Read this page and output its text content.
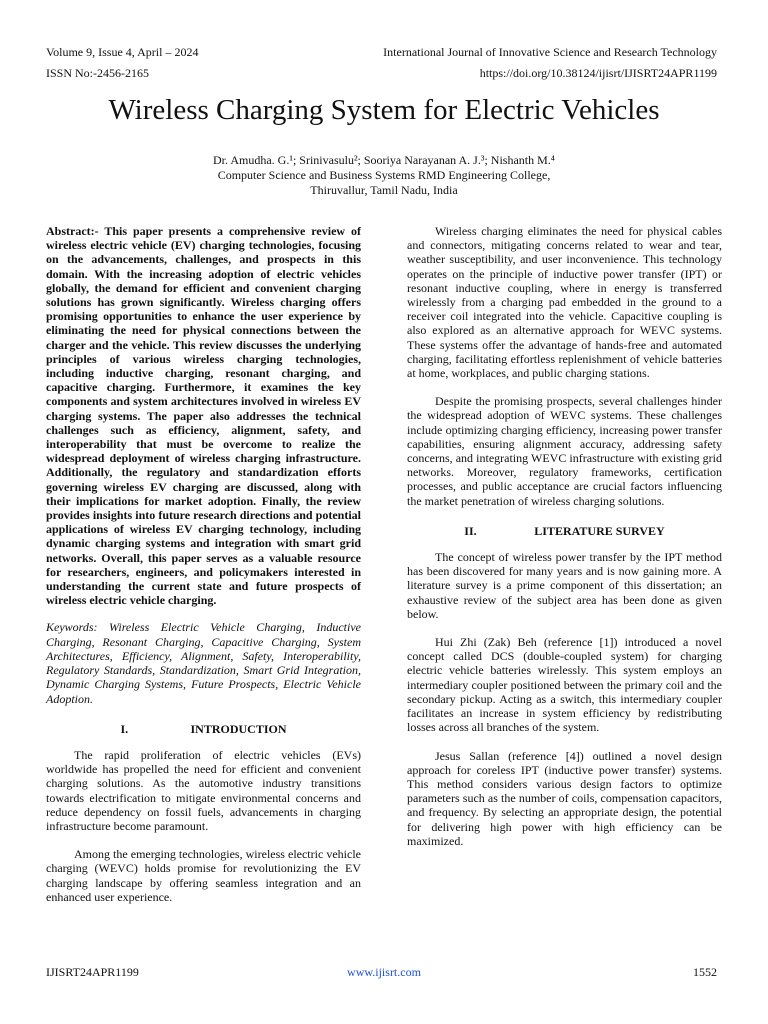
Volume 9, Issue 4, April – 2024	International Journal of Innovative Science and Research Technology
ISSN No:-2456-2165	https://doi.org/10.38124/ijisrt/IJISRT24APR1199
Wireless Charging System for Electric Vehicles
Dr. Amudha. G.¹; Srinivasulu²; Sooriya Narayanan A. J.³; Nishanth M.⁴
Computer Science and Business Systems RMD Engineering College,
Thiruvallur, Tamil Nadu, India

Abstract:- This paper presents a comprehensive review of wireless electric vehicle (EV) charging technologies, focusing on the advancements, challenges, and prospects in this domain. With the increasing adoption of electric vehicles globally, the demand for efficient and convenient charging solutions has grown significantly. Wireless charging offers promising opportunities to enhance the user experience by eliminating the need for physical connections between the charger and the vehicle. This review discusses the underlying principles of various wireless charging technologies, including inductive charging, resonant charging, and capacitive charging. Furthermore, it examines the key components and system architectures involved in wireless EV charging systems. The paper also addresses the technical challenges such as efficiency, alignment, safety, and interoperability that must be overcome to realize the widespread deployment of wireless charging infrastructure. Additionally, the regulatory and standardization efforts governing wireless EV charging are discussed, along with their implications for market adoption. Finally, the review provides insights into future research directions and potential applications of wireless EV charging technology, including dynamic charging systems and integration with smart grid networks. Overall, this paper serves as a valuable resource for researchers, engineers, and policymakers interested in understanding the current state and future prospects of wireless electric vehicle charging.

Keywords: Wireless Electric Vehicle Charging, Inductive Charging, Resonant Charging, Capacitive Charging, System Architectures, Efficiency, Alignment, Safety, Interoperability, Regulatory Standards, Standardization, Smart Grid Integration, Dynamic Charging Systems, Future Prospects, Electric Vehicle Adoption.

I.	INTRODUCTION

The rapid proliferation of electric vehicles (EVs) worldwide has propelled the need for efficient and convenient charging solutions. As the automotive industry transitions towards electrification to mitigate environmental concerns and reduce dependency on fossil fuels, advancements in charging infrastructure become paramount.

Among the emerging technologies, wireless electric vehicle charging (WEVC) holds promise for revolutionizing the EV charging landscape by offering seamless integration and an enhanced user experience.

Wireless charging eliminates the need for physical cables and connectors, mitigating concerns related to wear and tear, weather susceptibility, and user inconvenience. This technology operates on the principle of inductive power transfer (IPT) or resonant inductive coupling, where in energy is transferred wirelessly from a charging pad embedded in the ground to a receiver coil integrated into the vehicle. Capacitive coupling is also explored as an alternative approach for WEVC systems. These systems offer the advantage of hands-free and automated charging, facilitating effortless replenishment of vehicle batteries at home, workplaces, and public charging stations.

Despite the promising prospects, several challenges hinder the widespread adoption of WEVC systems. These challenges include optimizing charging efficiency, increasing power transfer capabilities, ensuring alignment accuracy, addressing safety concerns, and integrating WEVC infrastructure with existing grid networks. Moreover, regulatory frameworks, certification processes, and public acceptance are crucial factors influencing the market penetration of wireless charging solutions.

II.	LITERATURE SURVEY

The concept of wireless power transfer by the IPT method has been discovered for many years and is now gaining more. A literature survey is a prime component of this dissertation; an exhaustive review of the subject area has been done as given below.

Hui Zhi (Zak) Beh (reference [1]) introduced a novel concept called DCS (double-coupled system) for charging electric vehicle batteries wirelessly. This system employs an intermediary coupler positioned between the primary coil and the secondary pickup. Acting as a switch, this intermediary coupler facilitates an increase in system efficiency by redistributing losses across all branches of the system.

Jesus Sallan (reference [4]) outlined a novel design approach for coreless IPT (inductive power transfer) systems. This method considers various design factors to optimize parameters such as the number of coils, compensation capacitors, and frequency. By selecting an appropriate design, the potential for delivering high power with high efficiency can be maximized.

IJISRT24APR1199	www.ijisrt.com	1552
